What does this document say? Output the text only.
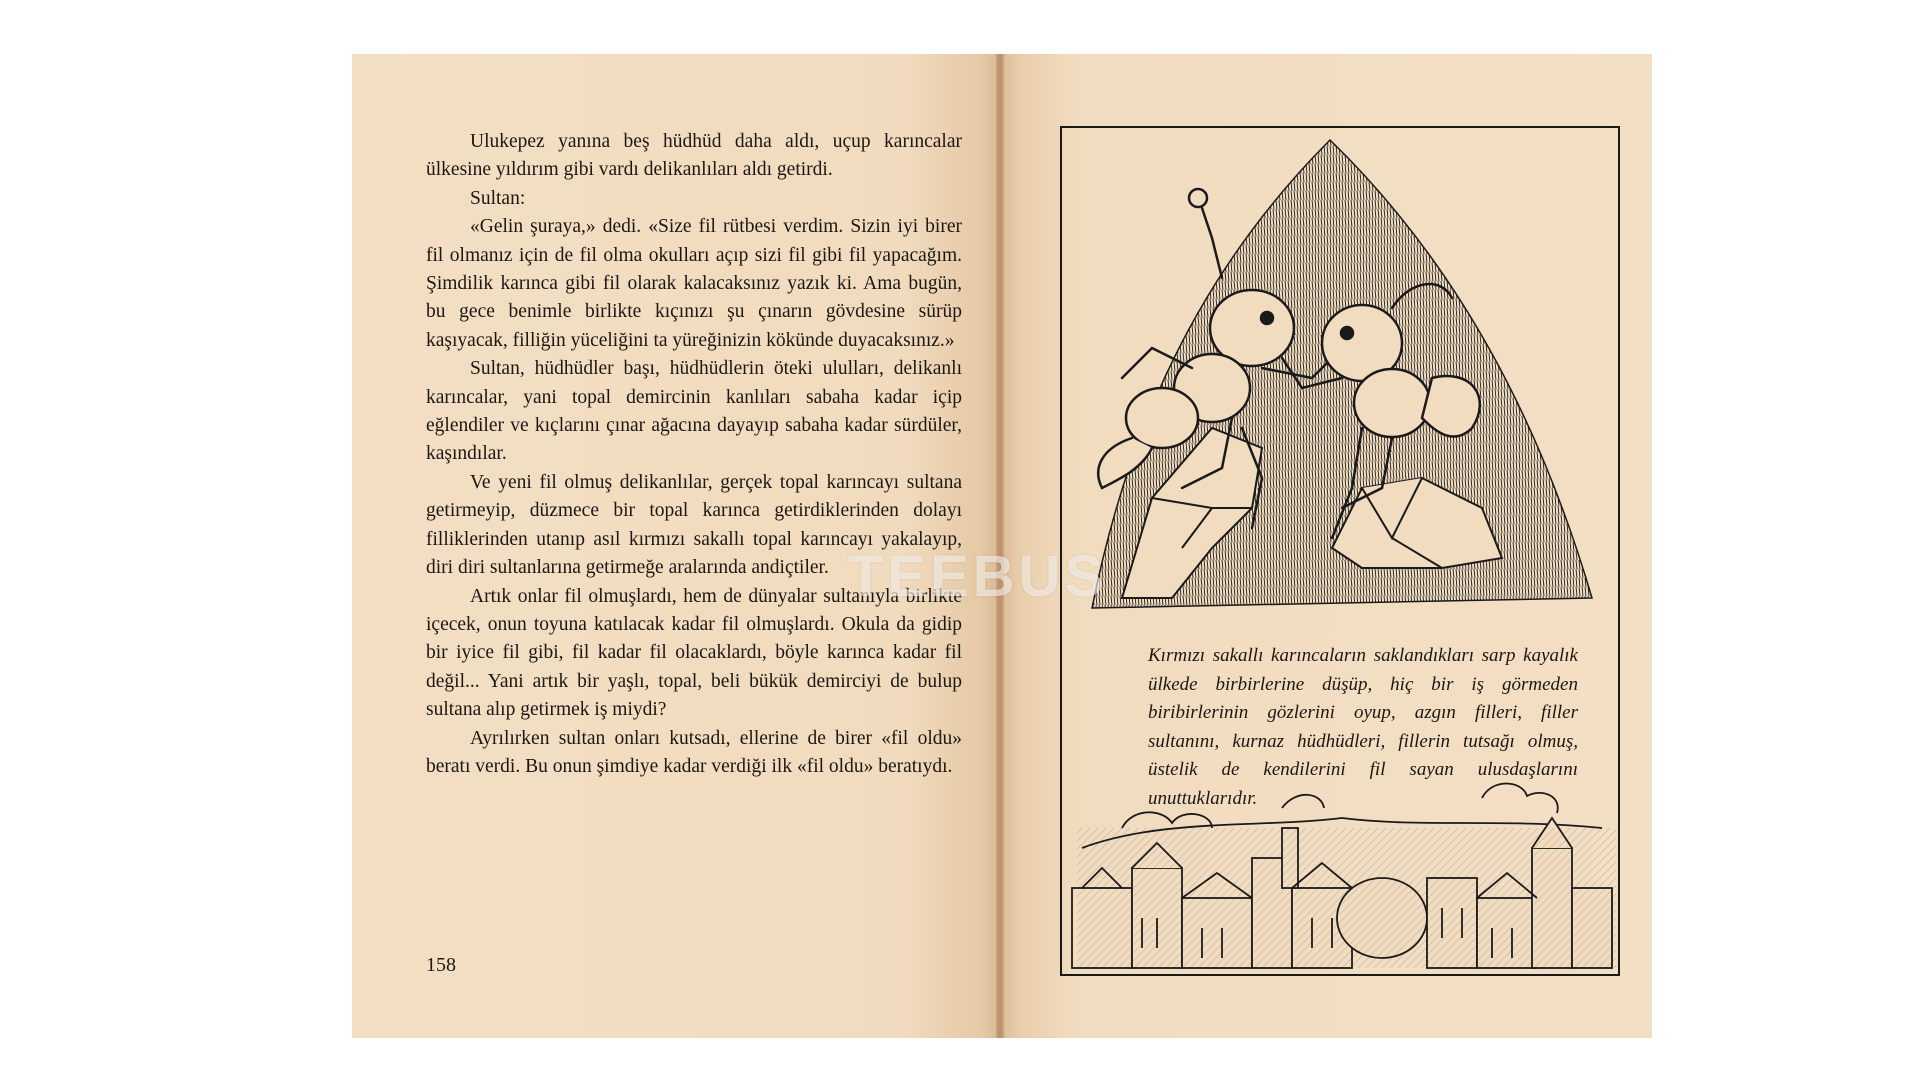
Ulukepez yanına beş hüdhüd daha aldı, uçup karıncalar ülkesine yıldırım gibi vardı delikanlıları aldı getirdi.

Sultan:

«Gelin şuraya,» dedi. «Size fil rütbesi verdim. Sizin iyi birer fil olmanız için de fil olma okulları açıp sizi fil gibi fil yapacağım. Şimdilik karınca gibi fil olarak kalacaksınız yazık ki. Ama bugün, bu gece benimle birlikte kıçınızı şu çınarın gövdesine sürüp kaşıyacak, filliğin yüceliğini ta yüreğinizin kökünde duyacaksınız.»

Sultan, hüdhüdler başı, hüdhüdlerin öteki ululları, delikanlı karıncalar, yani topal demircinin kanlıları sabaha kadar içip eğlendiler ve kıçlarını çınar ağacına dayayıp sabaha kadar sürdüler, kaşındılar.

Ve yeni fil olmuş delikanlılar, gerçek topal karıncayı sultana getirmeyip, düzmece bir topal karınca getirdiklerinden dolayı filliklerinden utanıp asıl kırmızı sakallı topal karıncayı yakalayıp, diri diri sultanlarına getirmeğe aralarında andiçtiler.

Artık onlar fil olmuşlardı, hem de dünyalar sultanıyla birlikte içecek, onun toyuna katılacak kadar fil olmuşlardı. Okula da gidip bir iyice fil gibi, fil kadar fil olacaklardı, böyle karınca kadar fil değil... Yani artık bir yaşlı, topal, beli bükük demirciyi de bulup sultana alıp getirmek iş miydi?

Ayrılırken sultan onları kutsadı, ellerine de birer «fil oldu» beratı verdi. Bu onun şimdiye kadar verdiği ilk «fil oldu» beratıydı.

158

Kırmızı sakallı karıncaların saklandıkları sarp kayalık ülkede birbirlerine düşüp, hiç bir iş görmeden biribirlerinin gözlerini oyup, azgın filleri, filler sultanını, kurnaz hüdhüdleri, fillerin tutsağı olmuş, üstelik de kendilerini fil sayan ulusdaşlarını unuttuklarıdır.

TEEBUS
